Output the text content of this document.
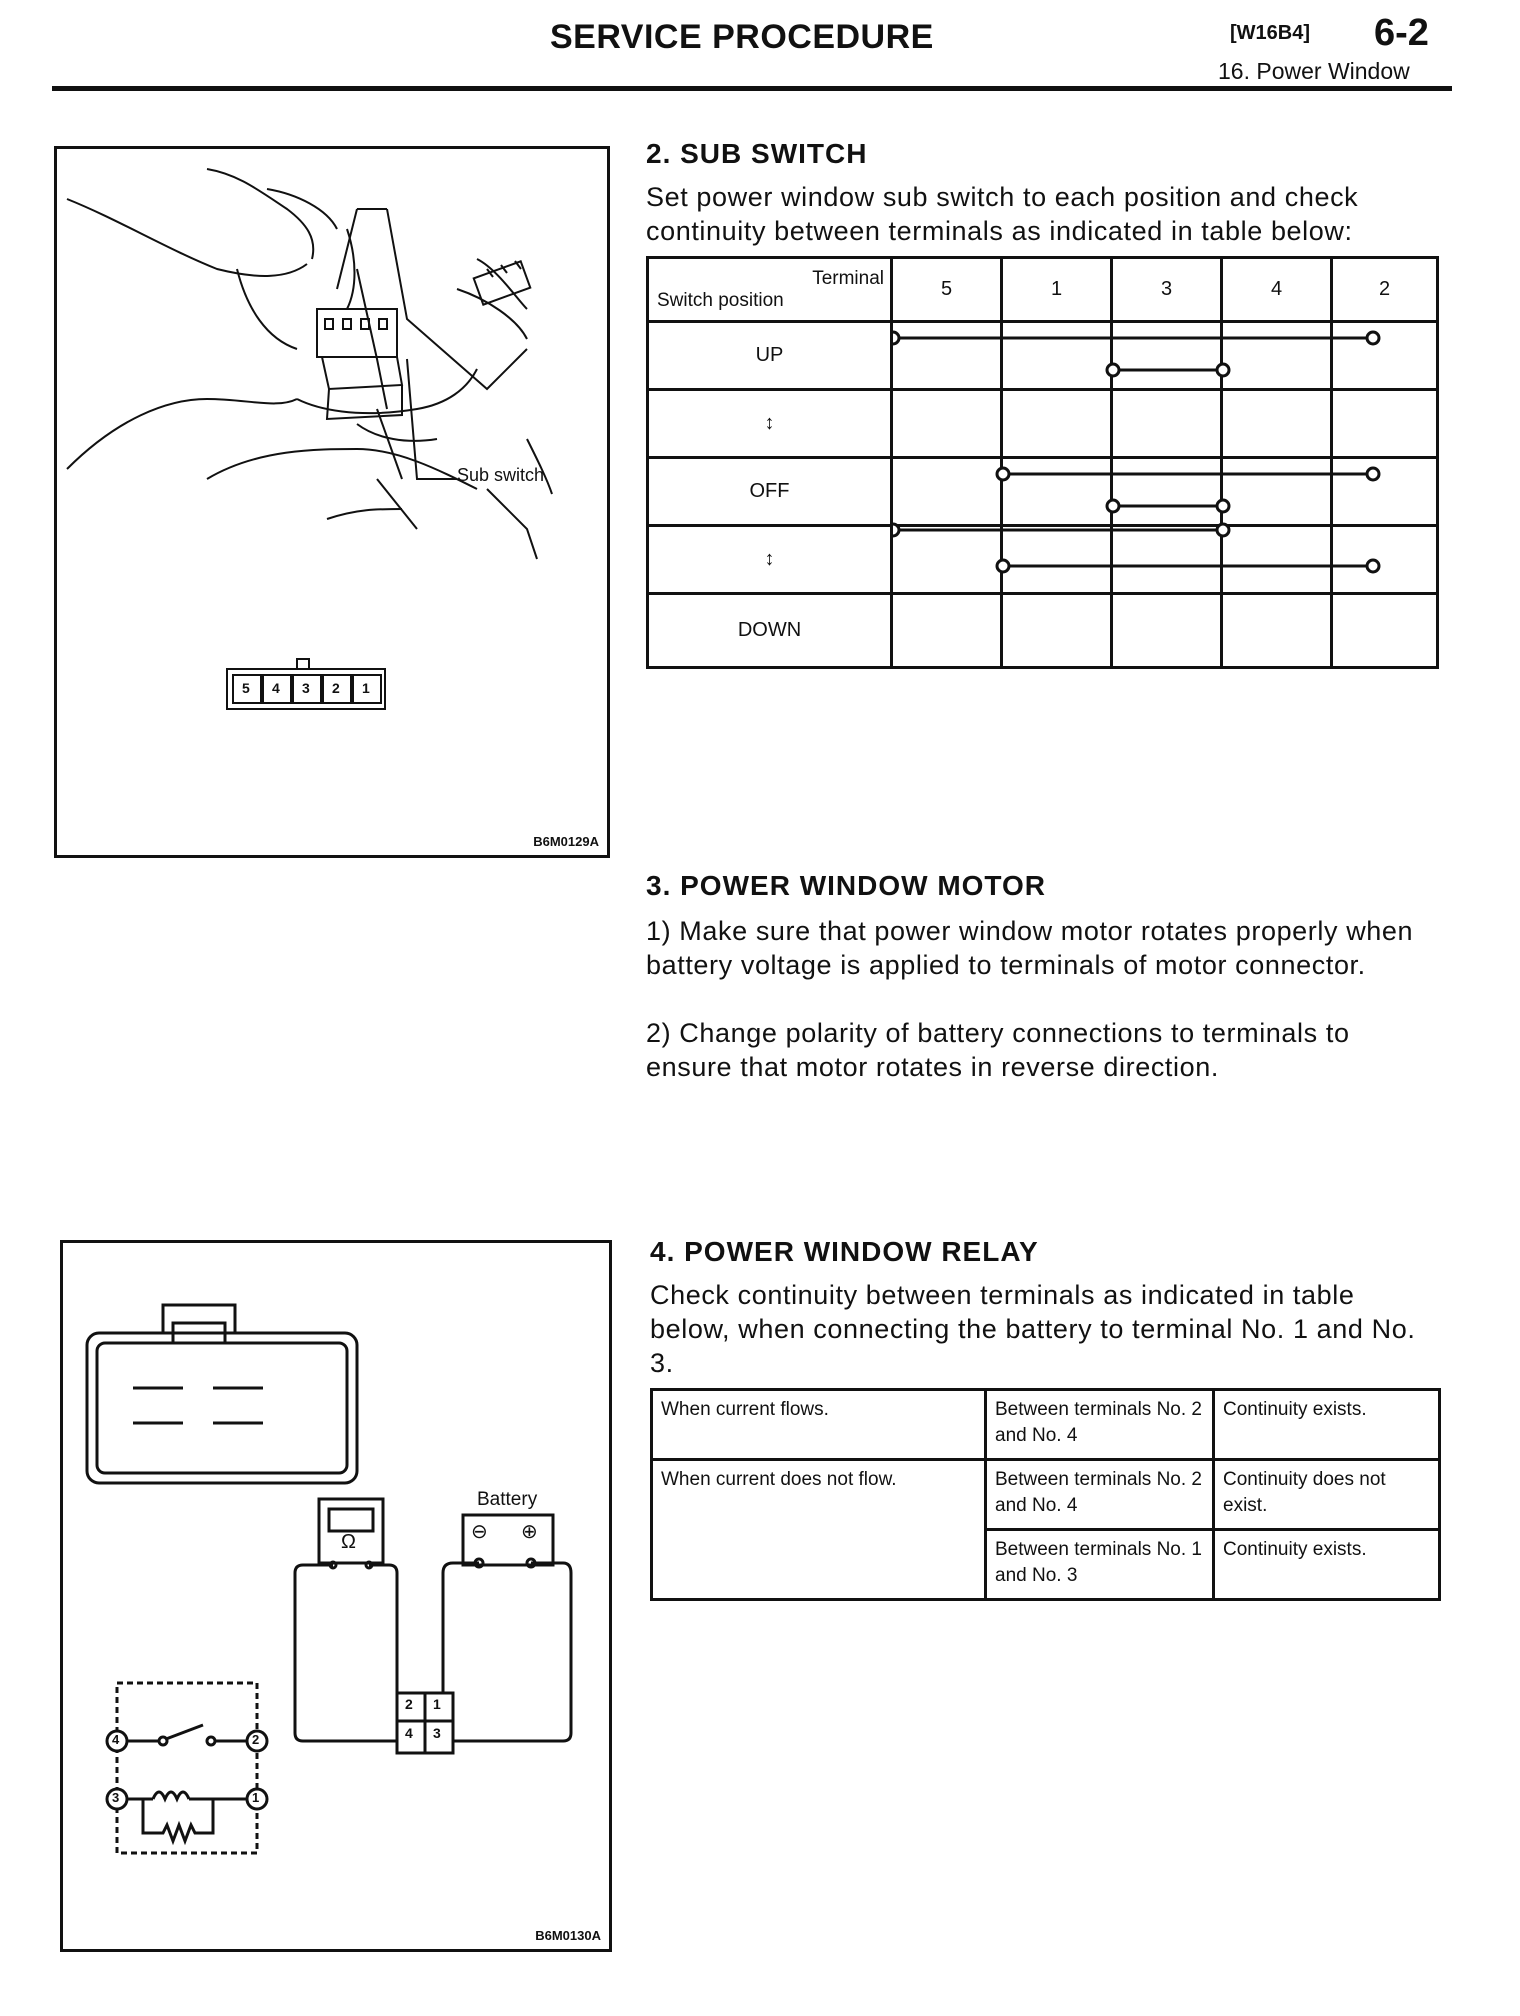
SERVICE PROCEDURE	[W16B4] 6-2
16. Power Window
Sub switch
5 4 3 2 1
B6M0129A
2. SUB SWITCH
Set power window sub switch to each position and check continuity between terminals as indicated in table below:
Terminal
Switch position	5	1	3	4	2
UP					
↕					
OFF					
↕					
DOWN					
3. POWER WINDOW MOTOR
1) Make sure that power window motor rotates properly when battery voltage is applied to terminals of motor connector.
2) Change polarity of battery connections to terminals to ensure that motor rotates in reverse direction.
Battery
Ω	⊖ ⊕
2 1
4 3
4	2
3	1
B6M0130A
4. POWER WINDOW RELAY
Check continuity between terminals as indicated in table below, when connecting the battery to terminal No. 1 and No. 3.
When current flows.	Between terminals No. 2 and No. 4	Continuity exists.
When current does not flow.	Between terminals No. 2 and No. 4	Continuity does not exist.
	Between terminals No. 1 and No. 3	Continuity exists.
